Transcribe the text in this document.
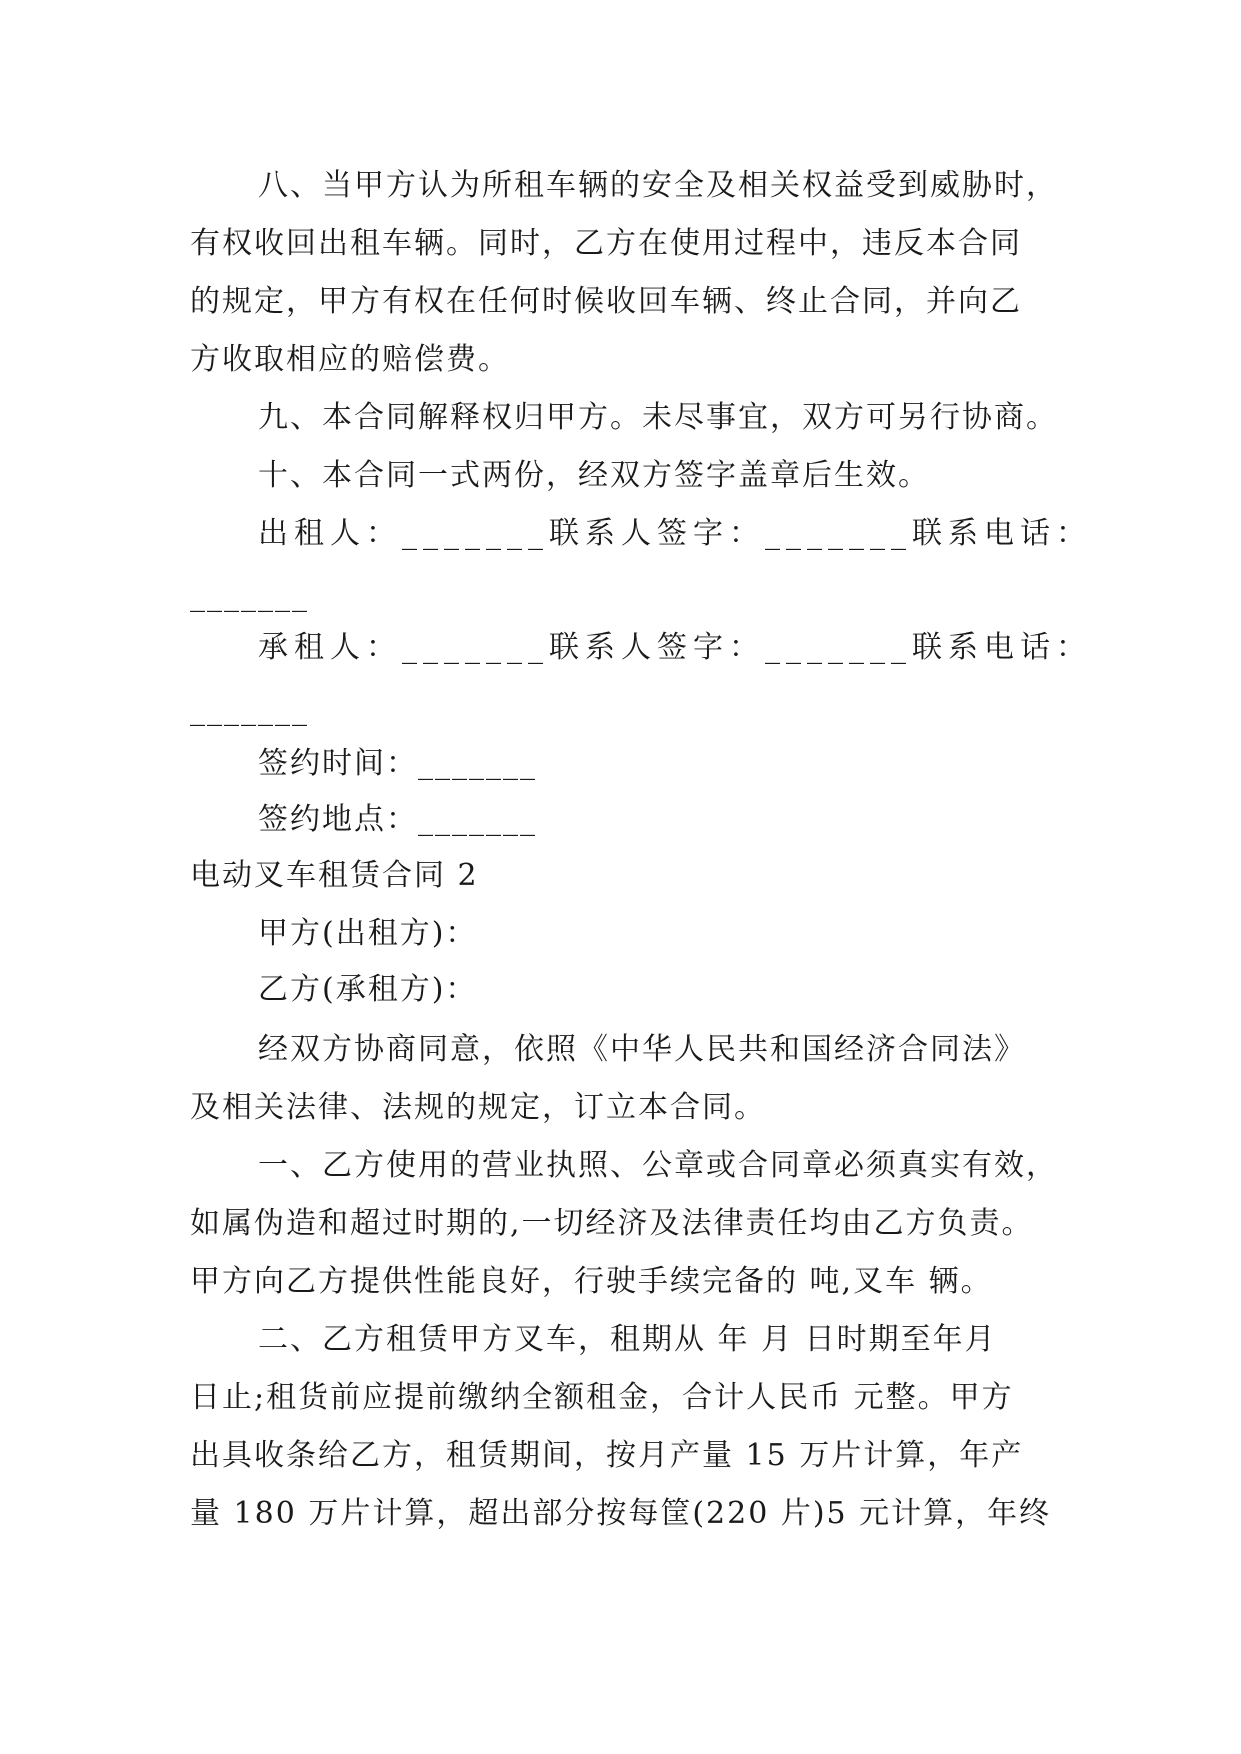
八、当甲方认为所租车辆的安全及相关权益受到威胁时，
有权收回出租车辆。同时，乙方在使用过程中，违反本合同
的规定，甲方有权在任何时候收回车辆、终止合同，并向乙
方收取相应的赔偿费。
九、本合同解释权归甲方。未尽事宜，双方可另行协商。
十、本合同一式两份，经双方签字盖章后生效。
出租人：_______联系人签字：_______联系电话：
_______
承租人：_______联系人签字：_______联系电话：
_______
签约时间：_______
签约地点：_______
电动叉车租赁合同 2
甲方(出租方)：
乙方(承租方)：
经双方协商同意，依照《中华人民共和国经济合同法》
及相关法律、法规的规定，订立本合同。
一、乙方使用的营业执照、公章或合同章必须真实有效，
如属伪造和超过时期的,一切经济及法律责任均由乙方负责。
甲方向乙方提供性能良好，行驶手续完备的 吨,叉车 辆。
二、乙方租赁甲方叉车，租期从 年 月 日时期至年月
日止;租货前应提前缴纳全额租金，合计人民币 元整。甲方
出具收条给乙方，租赁期间，按月产量 15 万片计算，年产
量 180 万片计算，超出部分按每筐(220 片)5 元计算，年终
